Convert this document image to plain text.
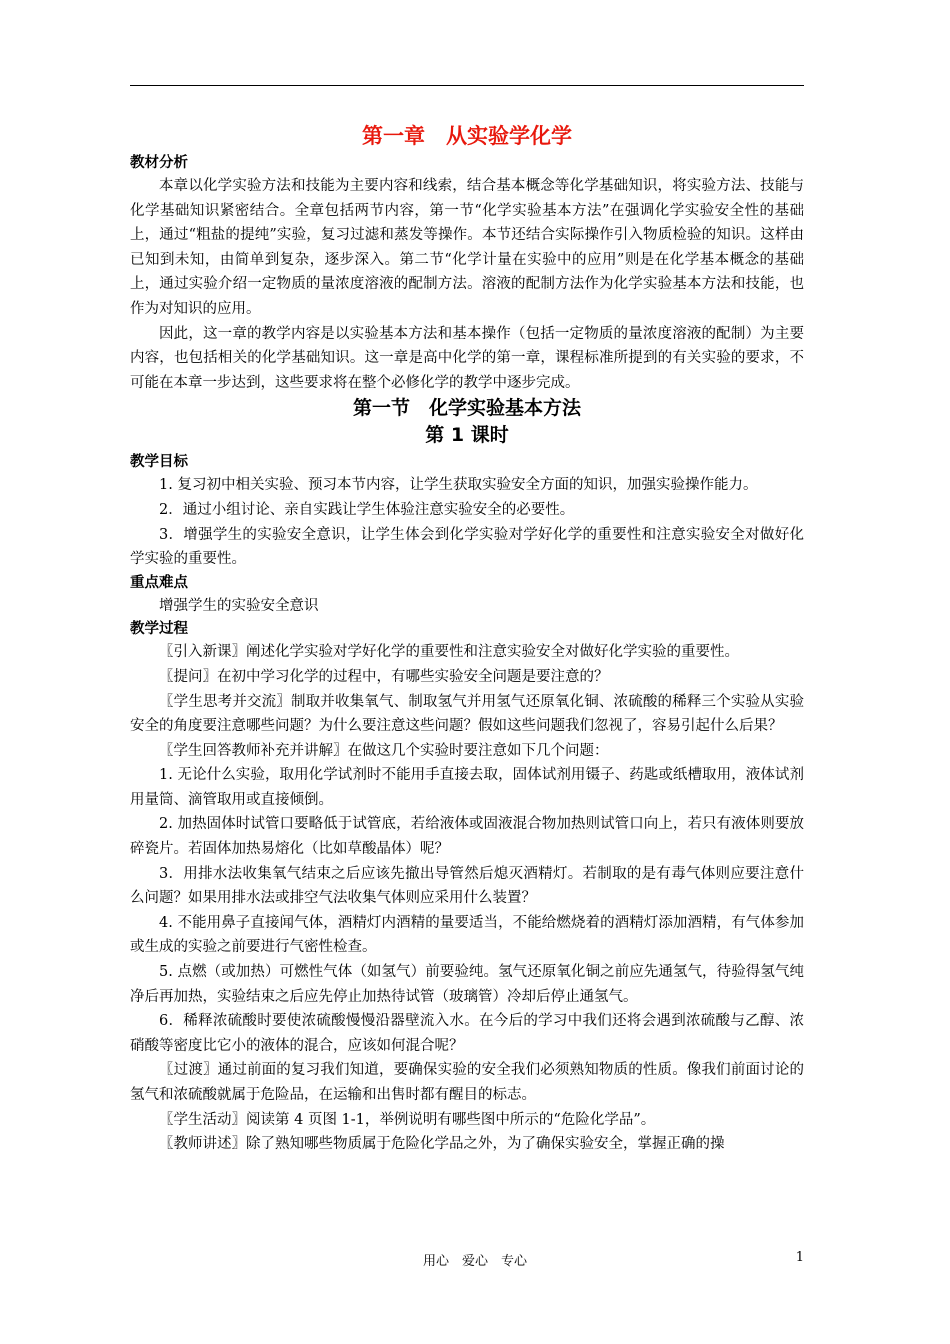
第一章　从实验学化学
教材分析

本章以化学实验方法和技能为主要内容和线索，结合基本概念等化学基础知识，将实验方法、技能与化学基础知识紧密结合。全章包括两节内容，第一节“化学实验基本方法”在强调化学实验安全性的基础上，通过“粗盐的提纯”实验，复习过滤和蒸发等操作。本节还结合实际操作引入物质检验的知识。这样由已知到未知，由简单到复杂，逐步深入。第二节“化学计量在实验中的应用”则是在化学基本概念的基础上，通过实验介绍一定物质的量浓度溶液的配制方法。溶液的配制方法作为化学实验基本方法和技能，也作为对知识的应用。

因此，这一章的教学内容是以实验基本方法和基本操作（包括一定物质的量浓度溶液的配制）为主要内容，也包括相关的化学基础知识。这一章是高中化学的第一章，课程标准所提到的有关实验的要求，不可能在本章一步达到，这些要求将在整个必修化学的教学中逐步完成。

第一节　化学实验基本方法
第 1 课时
教学目标

1. 复习初中相关实验、预习本节内容，让学生获取实验安全方面的知识，加强实验操作能力。

2．通过小组讨论、亲自实践让学生体验注意实验安全的必要性。

3．增强学生的实验安全意识，让学生体会到化学实验对学好化学的重要性和注意实验安全对做好化学实验的重要性。

重点难点

增强学生的实验安全意识

教学过程

〖引入新课〗阐述化学实验对学好化学的重要性和注意实验安全对做好化学实验的重要性。

〖提问〗在初中学习化学的过程中，有哪些实验安全问题是要注意的？

〖学生思考并交流〗制取并收集氧气、制取氢气并用氢气还原氧化铜、浓硫酸的稀释三个实验从实验安全的角度要注意哪些问题？为什么要注意这些问题？假如这些问题我们忽视了，容易引起什么后果？

〖学生回答教师补充并讲解〗在做这几个实验时要注意如下几个问题：

1. 无论什么实验，取用化学试剂时不能用手直接去取，固体试剂用镊子、药匙或纸槽取用，液体试剂用量筒、滴管取用或直接倾倒。

2. 加热固体时试管口要略低于试管底，若给液体或固液混合物加热则试管口向上，若只有液体则要放碎瓷片。若固体加热易熔化（比如草酸晶体）呢？

3．用排水法收集氧气结束之后应该先撤出导管然后熄灭酒精灯。若制取的是有毒气体则应要注意什么问题？如果用排水法或排空气法收集气体则应采用什么装置？

4. 不能用鼻子直接闻气体，酒精灯内酒精的量要适当，不能给燃烧着的酒精灯添加酒精，有气体参加或生成的实验之前要进行气密性检查。

5. 点燃（或加热）可燃性气体（如氢气）前要验纯。氢气还原氧化铜之前应先通氢气，待验得氢气纯净后再加热，实验结束之后应先停止加热待试管（玻璃管）冷却后停止通氢气。

6．稀释浓硫酸时要使浓硫酸慢慢沿器壁流入水。在今后的学习中我们还将会遇到浓硫酸与乙醇、浓硝酸等密度比它小的液体的混合，应该如何混合呢？

〖过渡〗通过前面的复习我们知道，要确保实验的安全我们必须熟知物质的性质。像我们前面讨论的氢气和浓硫酸就属于危险品，在运输和出售时都有醒目的标志。

〖学生活动〗阅读第 4 页图 1-1，举例说明有哪些图中所示的“危险化学品”。

〖教师讲述〗除了熟知哪些物质属于危险化学品之外，为了确保实验安全，掌握正确的操

用心　爱心　专心	1
